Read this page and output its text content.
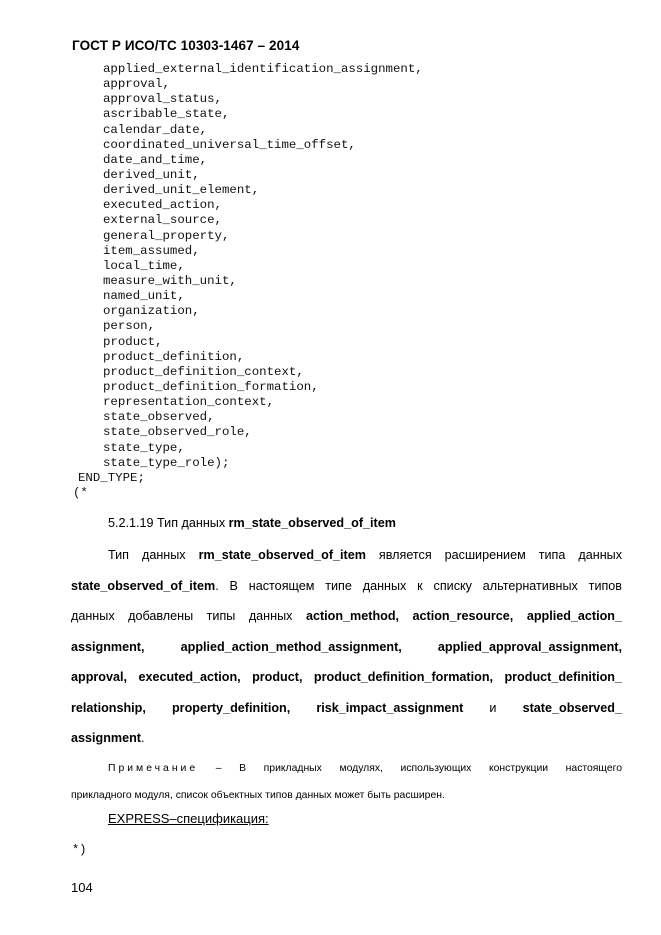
ГОСТ Р ИСО/ТС 10303-1467 – 2014
applied_external_identification_assignment,
approval,
approval_status,
ascribable_state,
calendar_date,
coordinated_universal_time_offset,
date_and_time,
derived_unit,
derived_unit_element,
executed_action,
external_source,
general_property,
item_assumed,
local_time,
measure_with_unit,
named_unit,
organization,
person,
product,
product_definition,
product_definition_context,
product_definition_formation,
representation_context,
state_observed,
state_observed_role,
state_type,
state_type_role);
END_TYPE;
(*
5.2.1.19 Тип данных rm_state_observed_of_item
Тип данных rm_state_observed_of_item является расширением типа данных
state_observed_of_item. В настоящем типе данных к списку альтернативных типов
данных добавлены типы данных action_method, action_resource, applied_action_
assignment, applied_action_method_assignment, applied_approval_assignment,
approval, executed_action, product, product_definition_formation, product_definition_
relationship, property_definition, risk_impact_assignment и state_observed_
assignment.
Примечание – В прикладных модулях, использующих конструкции настоящего
прикладного модуля, список объектных типов данных может быть расширен.
EXPRESS–спецификация:
*)
104
